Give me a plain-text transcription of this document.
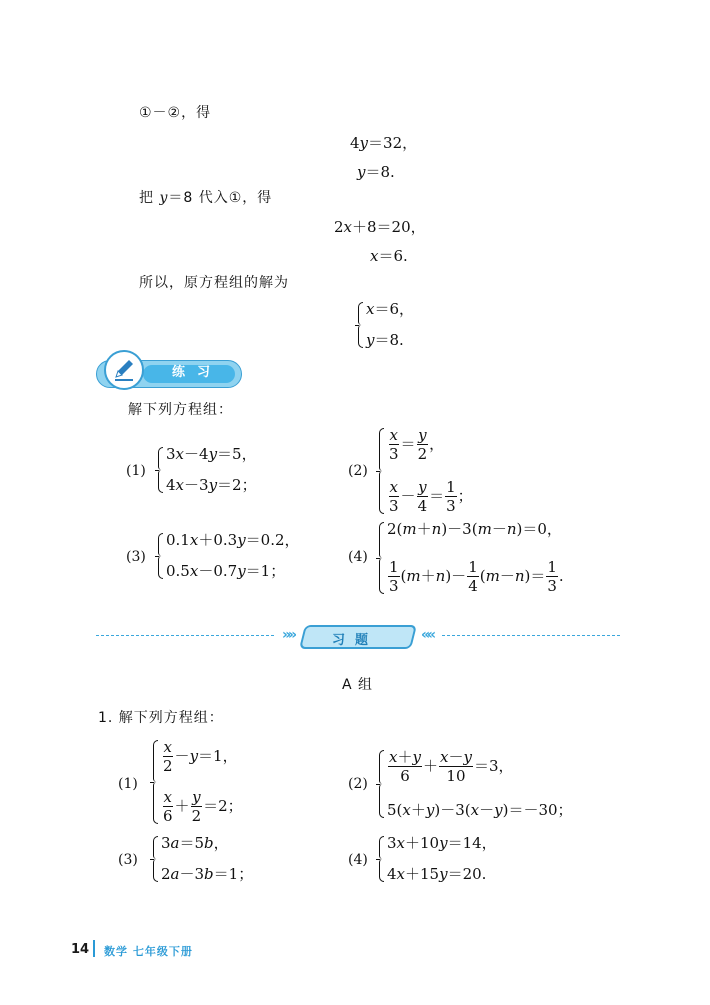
①－②，得
4y＝32，
y＝8.
把 y＝8 代入①，得
2x＋8＝20，
x＝6.
所以，原方程组的解为
x＝6，
y＝8.
练习
解下列方程组：
(1)
3x－4y＝5，
4x－3y＝2；
(2)
$\frac{x}{3} = \frac{y}{2}$ ，
$\frac{x}{3} - \frac{y}{4} = \frac{1}{3}$ ；
(3)
0.1x＋0.3y＝0.2，
0.5x－0.7y＝1；
(4)
2(m＋n)－3(m－n)＝0，
$\frac{1}{3} (m+n)- \frac{1}{4} (m-n)= \frac{1}{3}$ .
»»	习题	««
A 组
1. 解下列方程组：
(1)
$\frac{x}{2} -y=1$，
$\frac{x}{6} + \frac{y}{2} =2$；
$(2) \frac{x+y}{6} + \frac{x-y}{10} =3$，
5(x＋y)－3(x－y)＝－30；
(3)
3a＝5b，
2a－3b＝1；
(4)
3x＋10y＝14，
4x＋15y＝20.
14 数学 七年级下册
